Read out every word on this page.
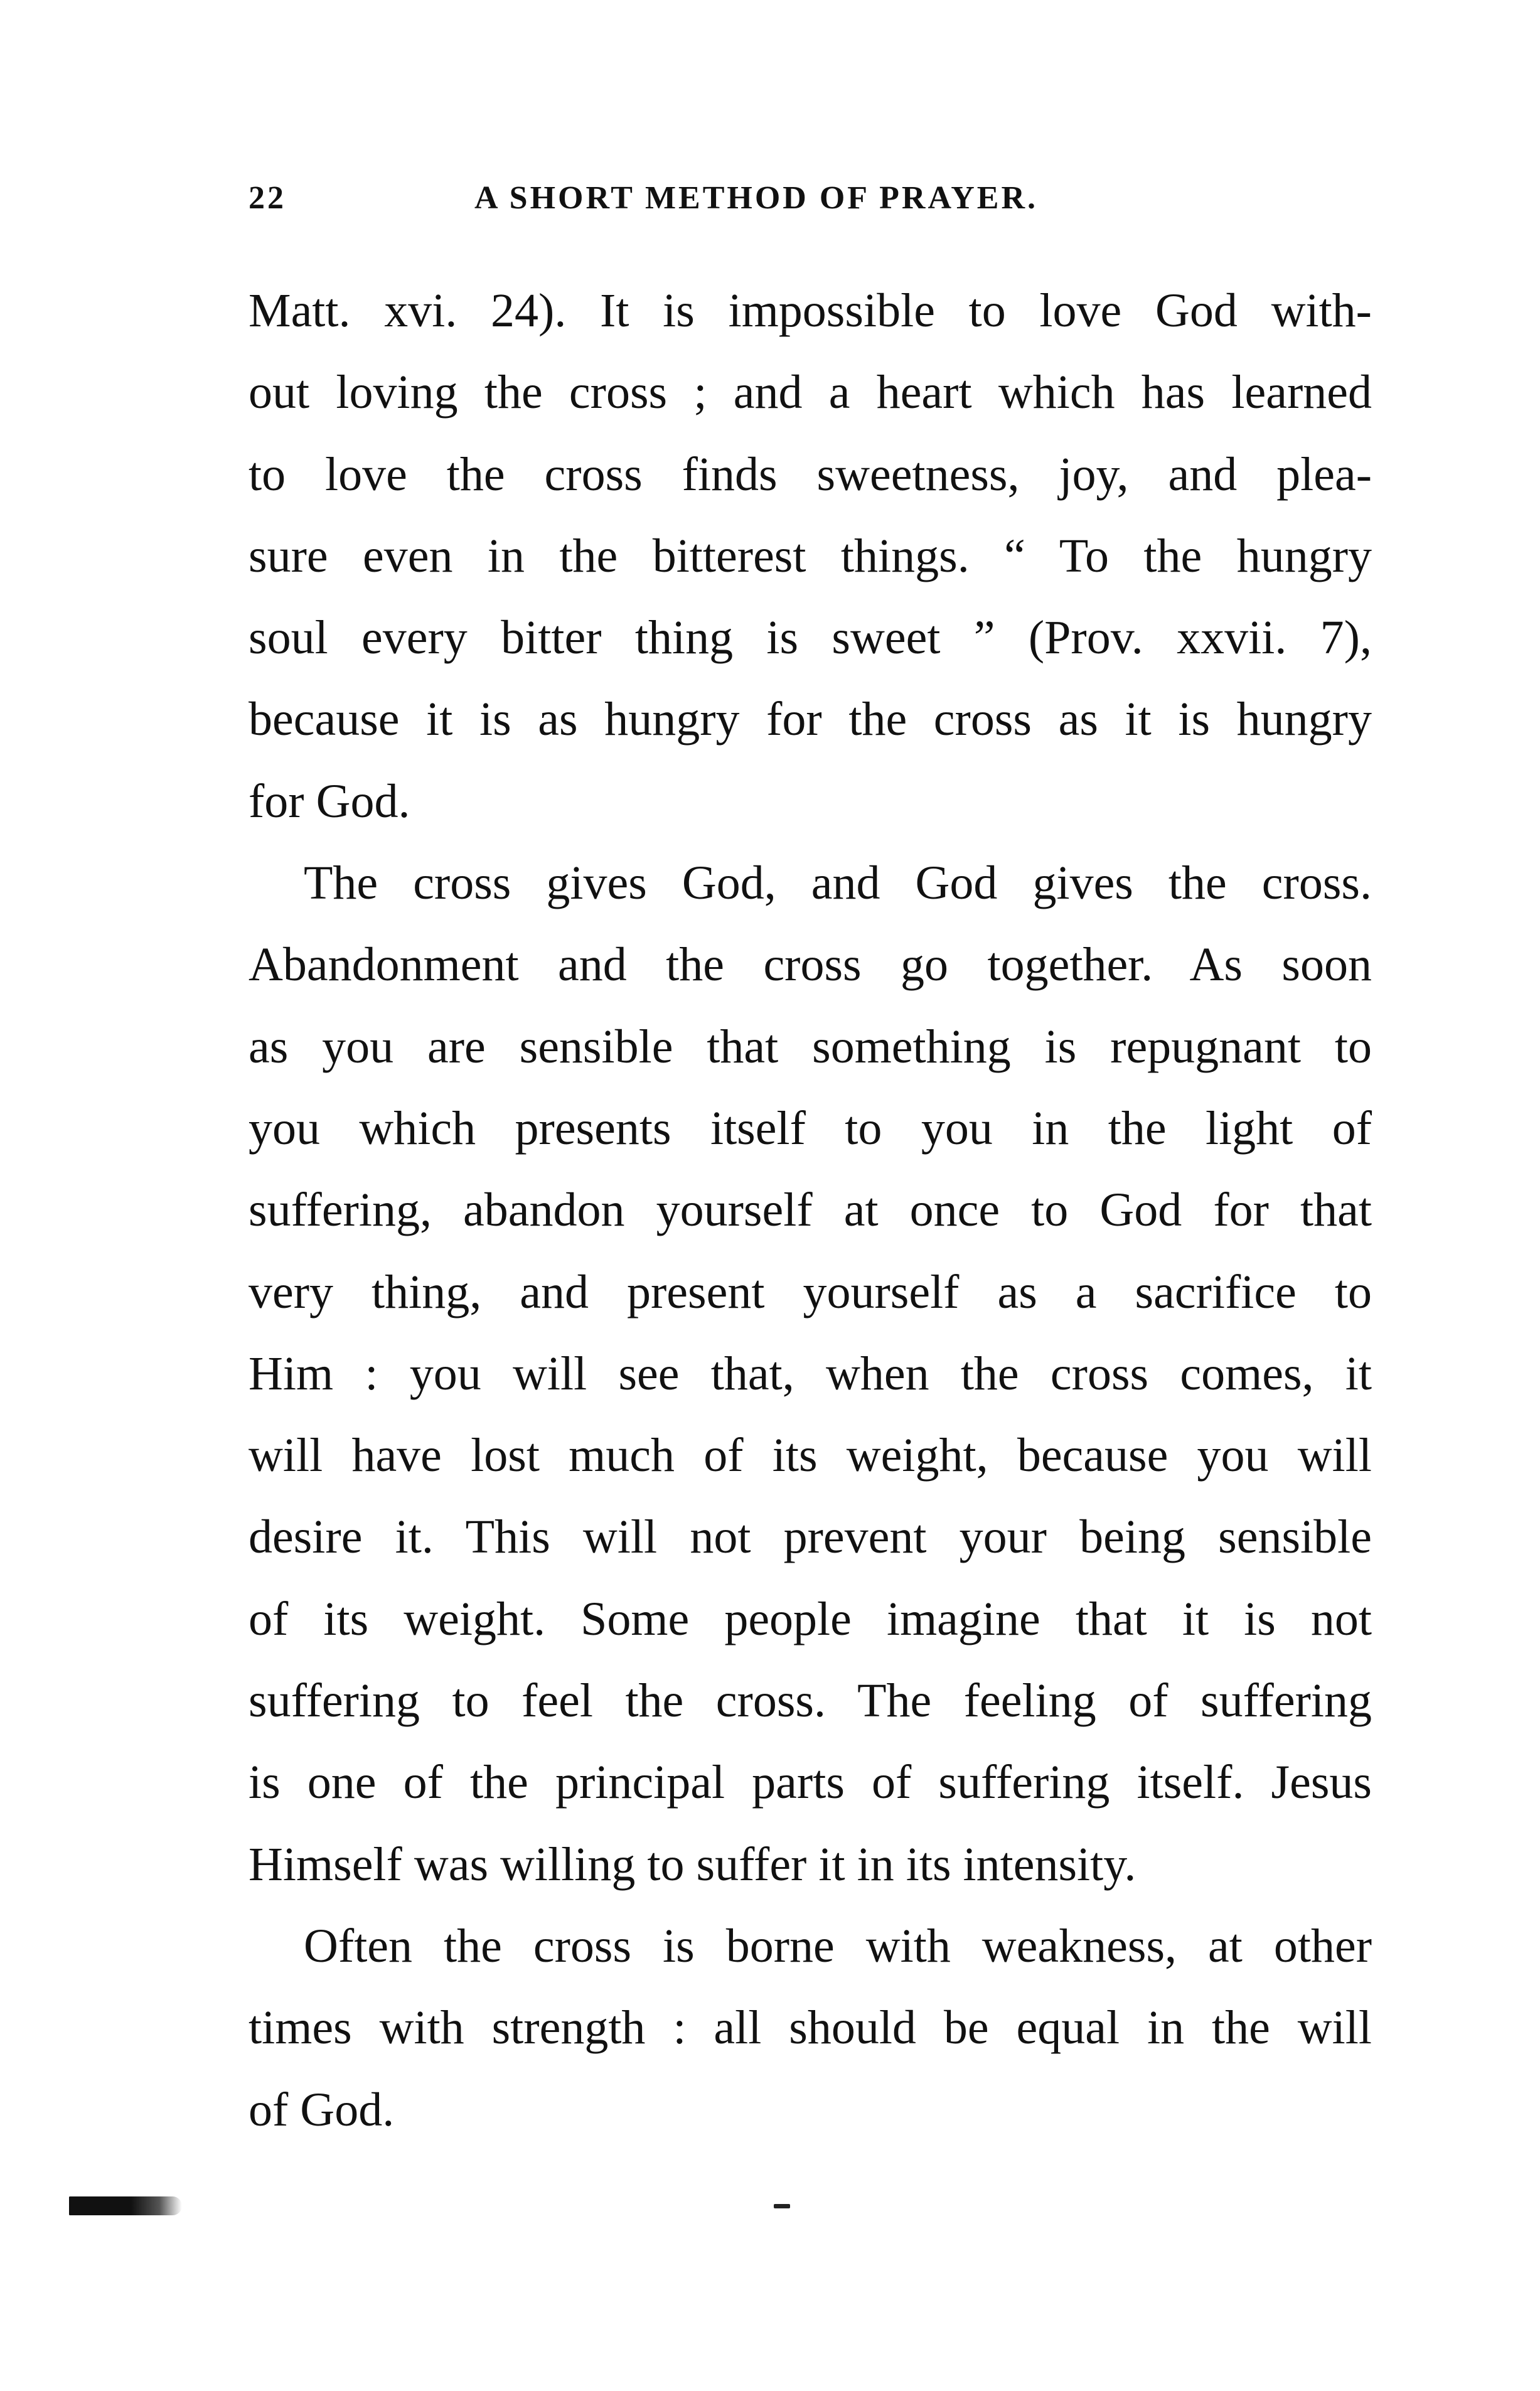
22	A SHORT METHOD OF PRAYER.
Matt. xvi. 24). It is impossible to love God with-
out loving the cross ; and a heart which has learned
to love the cross finds sweetness, joy, and plea-
sure even in the bitterest things. “ To the hungry
soul every bitter thing is sweet ” (Prov. xxvii. 7),
because it is as hungry for the cross as it is hungry
for God.
The cross gives God, and God gives the cross.
Abandonment and the cross go together. As soon
as you are sensible that something is repugnant to
you which presents itself to you in the light of
suffering, abandon yourself at once to God for that
very thing, and present yourself as a sacrifice to
Him : you will see that, when the cross comes, it
will have lost much of its weight, because you will
desire it. This will not prevent your being sensible
of its weight. Some people imagine that it is not
suffering to feel the cross. The feeling of suffering
is one of the principal parts of suffering itself. Jesus
Himself was willing to suffer it in its intensity.
Often the cross is borne with weakness, at other
times with strength : all should be equal in the will
of God.
